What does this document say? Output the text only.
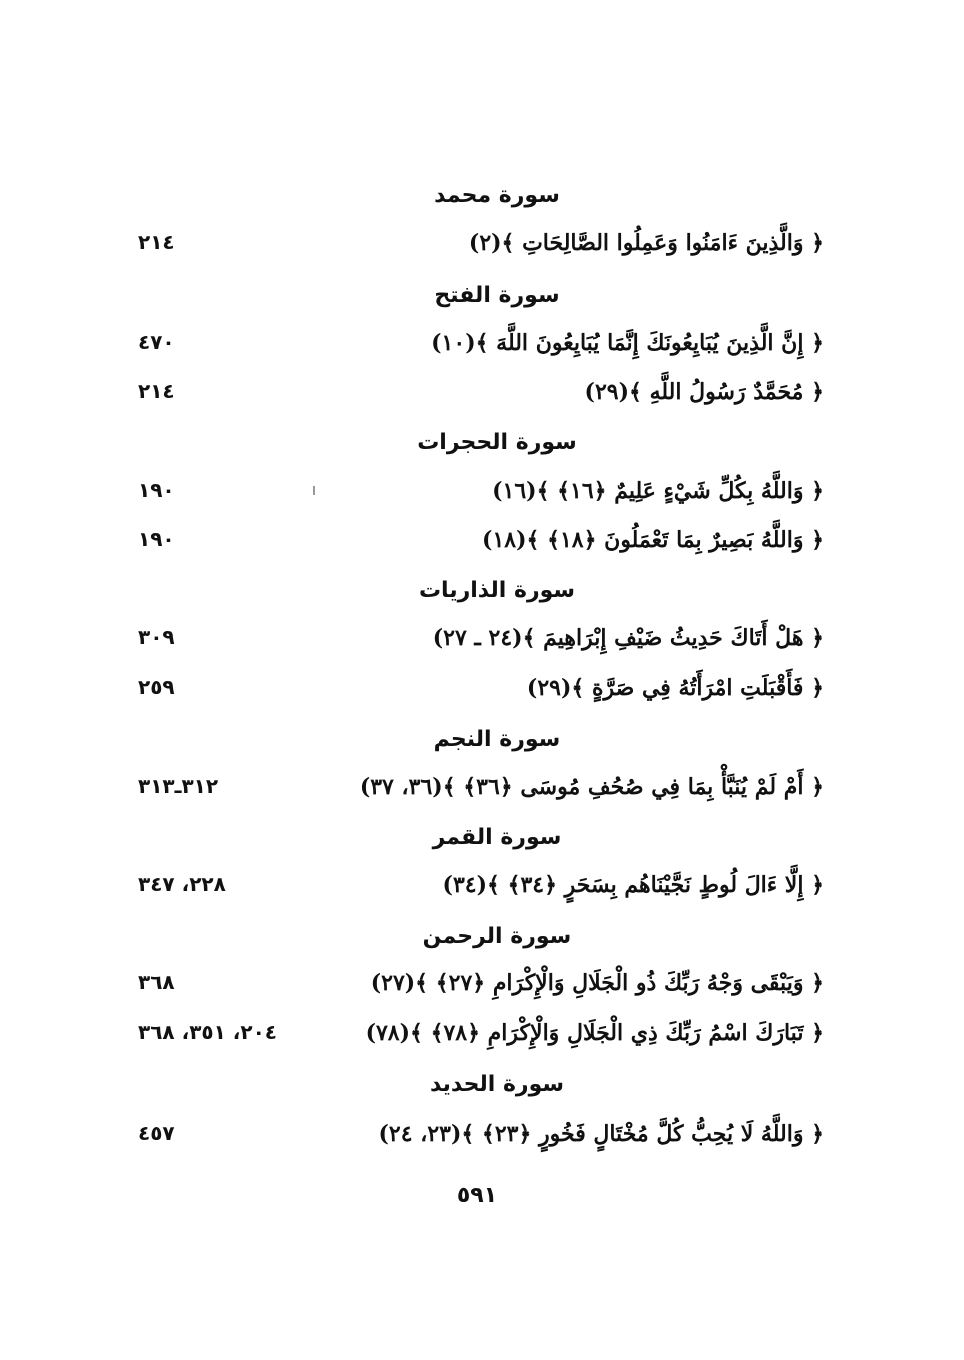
سورة محمد
﴿ وَالَّذِينَ ءَامَنُوا وَعَمِلُوا الصَّالِحَاتِ ﴾(٢)
٢١٤
سورة الفتح
﴿ إِنَّ الَّذِينَ يُبَايِعُونَكَ إِنَّمَا يُبَايِعُونَ اللَّهَ ﴾(١٠)
٤٧٠
﴿ مُحَمَّدٌ رَسُولُ اللَّهِ ﴾(٢٩)
٢١٤
سورة الحجرات
﴿ وَاللَّهُ بِكُلِّ شَيْءٍ عَلِيمٌ ﴿١٦﴾ ﴾(١٦)
١٩٠
﴿ وَاللَّهُ بَصِيرٌ بِمَا تَعْمَلُونَ ﴿١٨﴾ ﴾(١٨)
١٩٠
سورة الذاريات
﴿ هَلْ أَتَاكَ حَدِيثُ ضَيْفِ إِبْرَاهِيمَ ﴾(٢٤ ـ ٢٧)
٣٠٩
﴿ فَأَقْبَلَتِ امْرَأَتُهُ فِي صَرَّةٍ ﴾(٢٩)
٢٥٩
سورة النجم
﴿ أَمْ لَمْ يُنَبَّأْ بِمَا فِي صُحُفِ مُوسَى ﴿٣٦﴾ ﴾(٣٦، ٣٧)
٣١٢ـ٣١٣
سورة القمر
﴿ إِلَّا ءَالَ لُوطٍ نَجَّيْنَاهُم بِسَحَرٍ ﴿٣٤﴾ ﴾(٣٤)
٢٢٨، ٣٤٧
سورة الرحمن
﴿ وَيَبْقَى وَجْهُ رَبِّكَ ذُو الْجَلَالِ وَالْإِكْرَامِ ﴿٢٧﴾ ﴾(٢٧)
٣٦٨
﴿ تَبَارَكَ اسْمُ رَبِّكَ ذِي الْجَلَالِ وَالْإِكْرَامِ ﴿٧٨﴾ ﴾(٧٨)
٢٠٤، ٣٥١، ٣٦٨
سورة الحديد
﴿ وَاللَّهُ لَا يُحِبُّ كُلَّ مُخْتَالٍ فَخُورٍ ﴿٢٣﴾ ﴾(٢٣، ٢٤)
٤٥٧
٥٩١
